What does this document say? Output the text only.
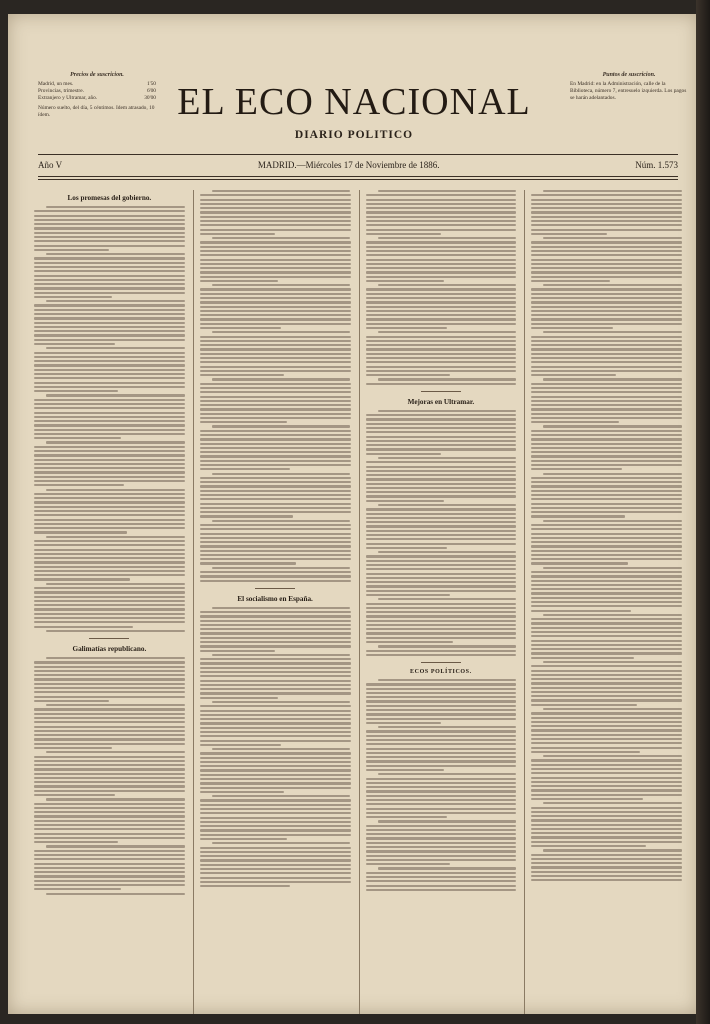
Precios de suscricion.
Madrid, un mes.	1'50
Provincias, trimestre.	6'00
Extranjero y Ultramar, año.	30'00
Número suelto, del día, 5 céntimos. Idem atrasado, 10 ídem.	EL ECO NACIONAL
DIARIO POLITICO
Puntos de suscricion.
En Madrid: en la Administración, calle de la Biblioteca, número 7, entresuelo izquierda. Los pagos se harán adelantados.
Año V	MADRID.—Miércoles 17 de Noviembre de 1886.	Núm. 1.573
Los promesas del gobierno.
Galimatías republicano.
El socialismo en España.
Mejoras en Ultramar.
ECOS POLÍTICOS.
